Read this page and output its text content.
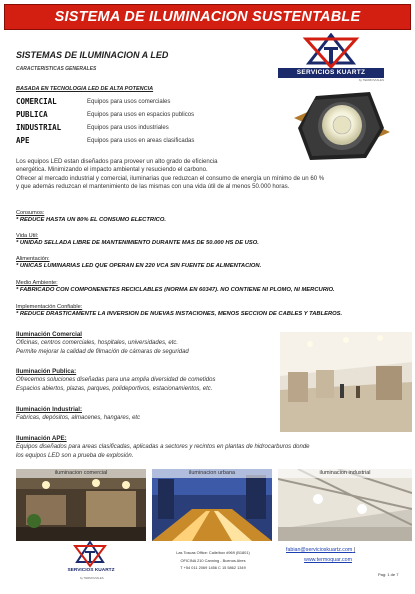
SISTEMA DE ILUMINACION SUSTENTABLE
SISTEMAS DE ILUMINACION A LED
CARACTERISTICAS GENERALES
BASADA EN TECNOLOGIA LED DE ALTA POTENCIA
COMERCIAL	Equipos para usos comerciales
PUBLICA	Equipos para usos en espacios publicos
INDUSTRIAL	Equipos para usos industriales
APE	Equipos para usos en areas clasificadas
SERVICIOS KUARTZ
by TERMOVIALES

Los equipos LED estan diseñados para proveer un alto grado de eficiencia

energética. Minimizando el impacto ambiental y resuciendo el carbono.

Ofrecer al mercado industrial y comercial, iluminarias que reduzcan el consumo de energía un mínimo de un 60 %

y que además reduzcan el mantenimiento de las mismas con una vida útil de al menos 50.000 horas.

Consumos:
* REDUCE HASTA UN 80% EL CONSUMO ELECTRICO.
Vida Util:
* UNIDAD SELLADA LIBRE DE MANTENIMIENTO DURANTE MAS DE 50.000 HS DE USO.
Alimentación:
* UNICAS LUMINARIAS LED QUE OPERAN EN 220 VCA SIN FUENTE DE ALIMENTACION.
Medio Ambiente:
* FABRICADO CON COMPONENETES RECICLABLES (NORMA EN 60347). NO CONTIENE NI PLOMO, NI MERCURIO.
Implementación Confiable:
* REDUCE DRASTICAMENTE LA INVERSION DE NUEVAS INSTACIONES, MENOS SECCION DE CABLES Y TABLEROS.
Iluminación Comercial
Oficinas, centros comerciales, hospitales, universidades, etc.
Permite mejorar la calidad de filmación de cámaras de seguridad
Iluminación Publica:
Ofrecemos soluciones diseñadas para una amplia diversidad de cometidos
Espacios abiertos, plazas, parques, polideportivos, estacionamientos, etc.
Iluminación Industrial:
Fabricas, depósitos, almacenes, hangares, etc
Iluminación APE:
Equipos diseñados para areas clasificadas, aplicadas a sectores y recintos en plantas de hidrocarburos donde
los equipos LED son a prueba de explosión.
iluminacion comercial	iluminacion urbana	iluminacion industrial
SERVICIOS KUARTZ
by TERMOVIALES
Las Toscas Office: Calle/box #969 (B1801)
OFICINA 210 Canning - Buenos Aires
T +54 011 2069 1456 C 15 5862 1349
fabian@servicioskuartz.com |
www.termoquar.com
Pag: 1 de 7
